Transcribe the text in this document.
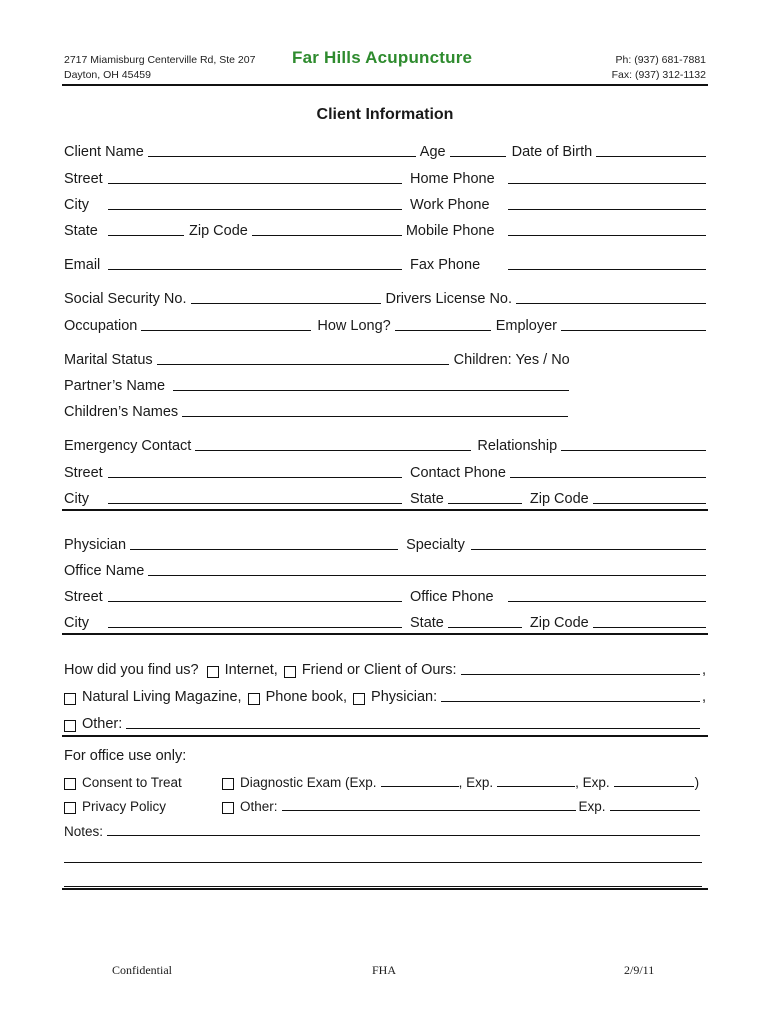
2717 Miamisburg Centerville Rd, Ste 207
Dayton, OH 45459
Far Hills Acupuncture	Ph: (937) 681-7881
Fax: (937) 312-1132
Client Information
Client Name	Age	Date of Birth
Street	Home Phone
City	Work Phone
State	Zip Code	Mobile Phone
Email	Fax Phone
Social Security No.	Drivers License No.
Occupation	How Long?	Employer
Marital Status	Children: Yes / No
Partner’s Name
Children’s Names
Emergency Contact	Relationship
Street	Contact Phone
City	State	Zip Code
Physician	Specialty
Office Name
Street	Office Phone
City	State	Zip Code
How did you find us?	Internet,	Friend or Client of Ours:	,
Natural Living Magazine,	Phone book,	Physician:	,
Other:
For office use only:
Consent to Treat	Diagnostic Exam (Exp.	, Exp.	, Exp.	)
Privacy Policy	Other:	Exp.
Notes:
Confidential	FHA	2/9/11
